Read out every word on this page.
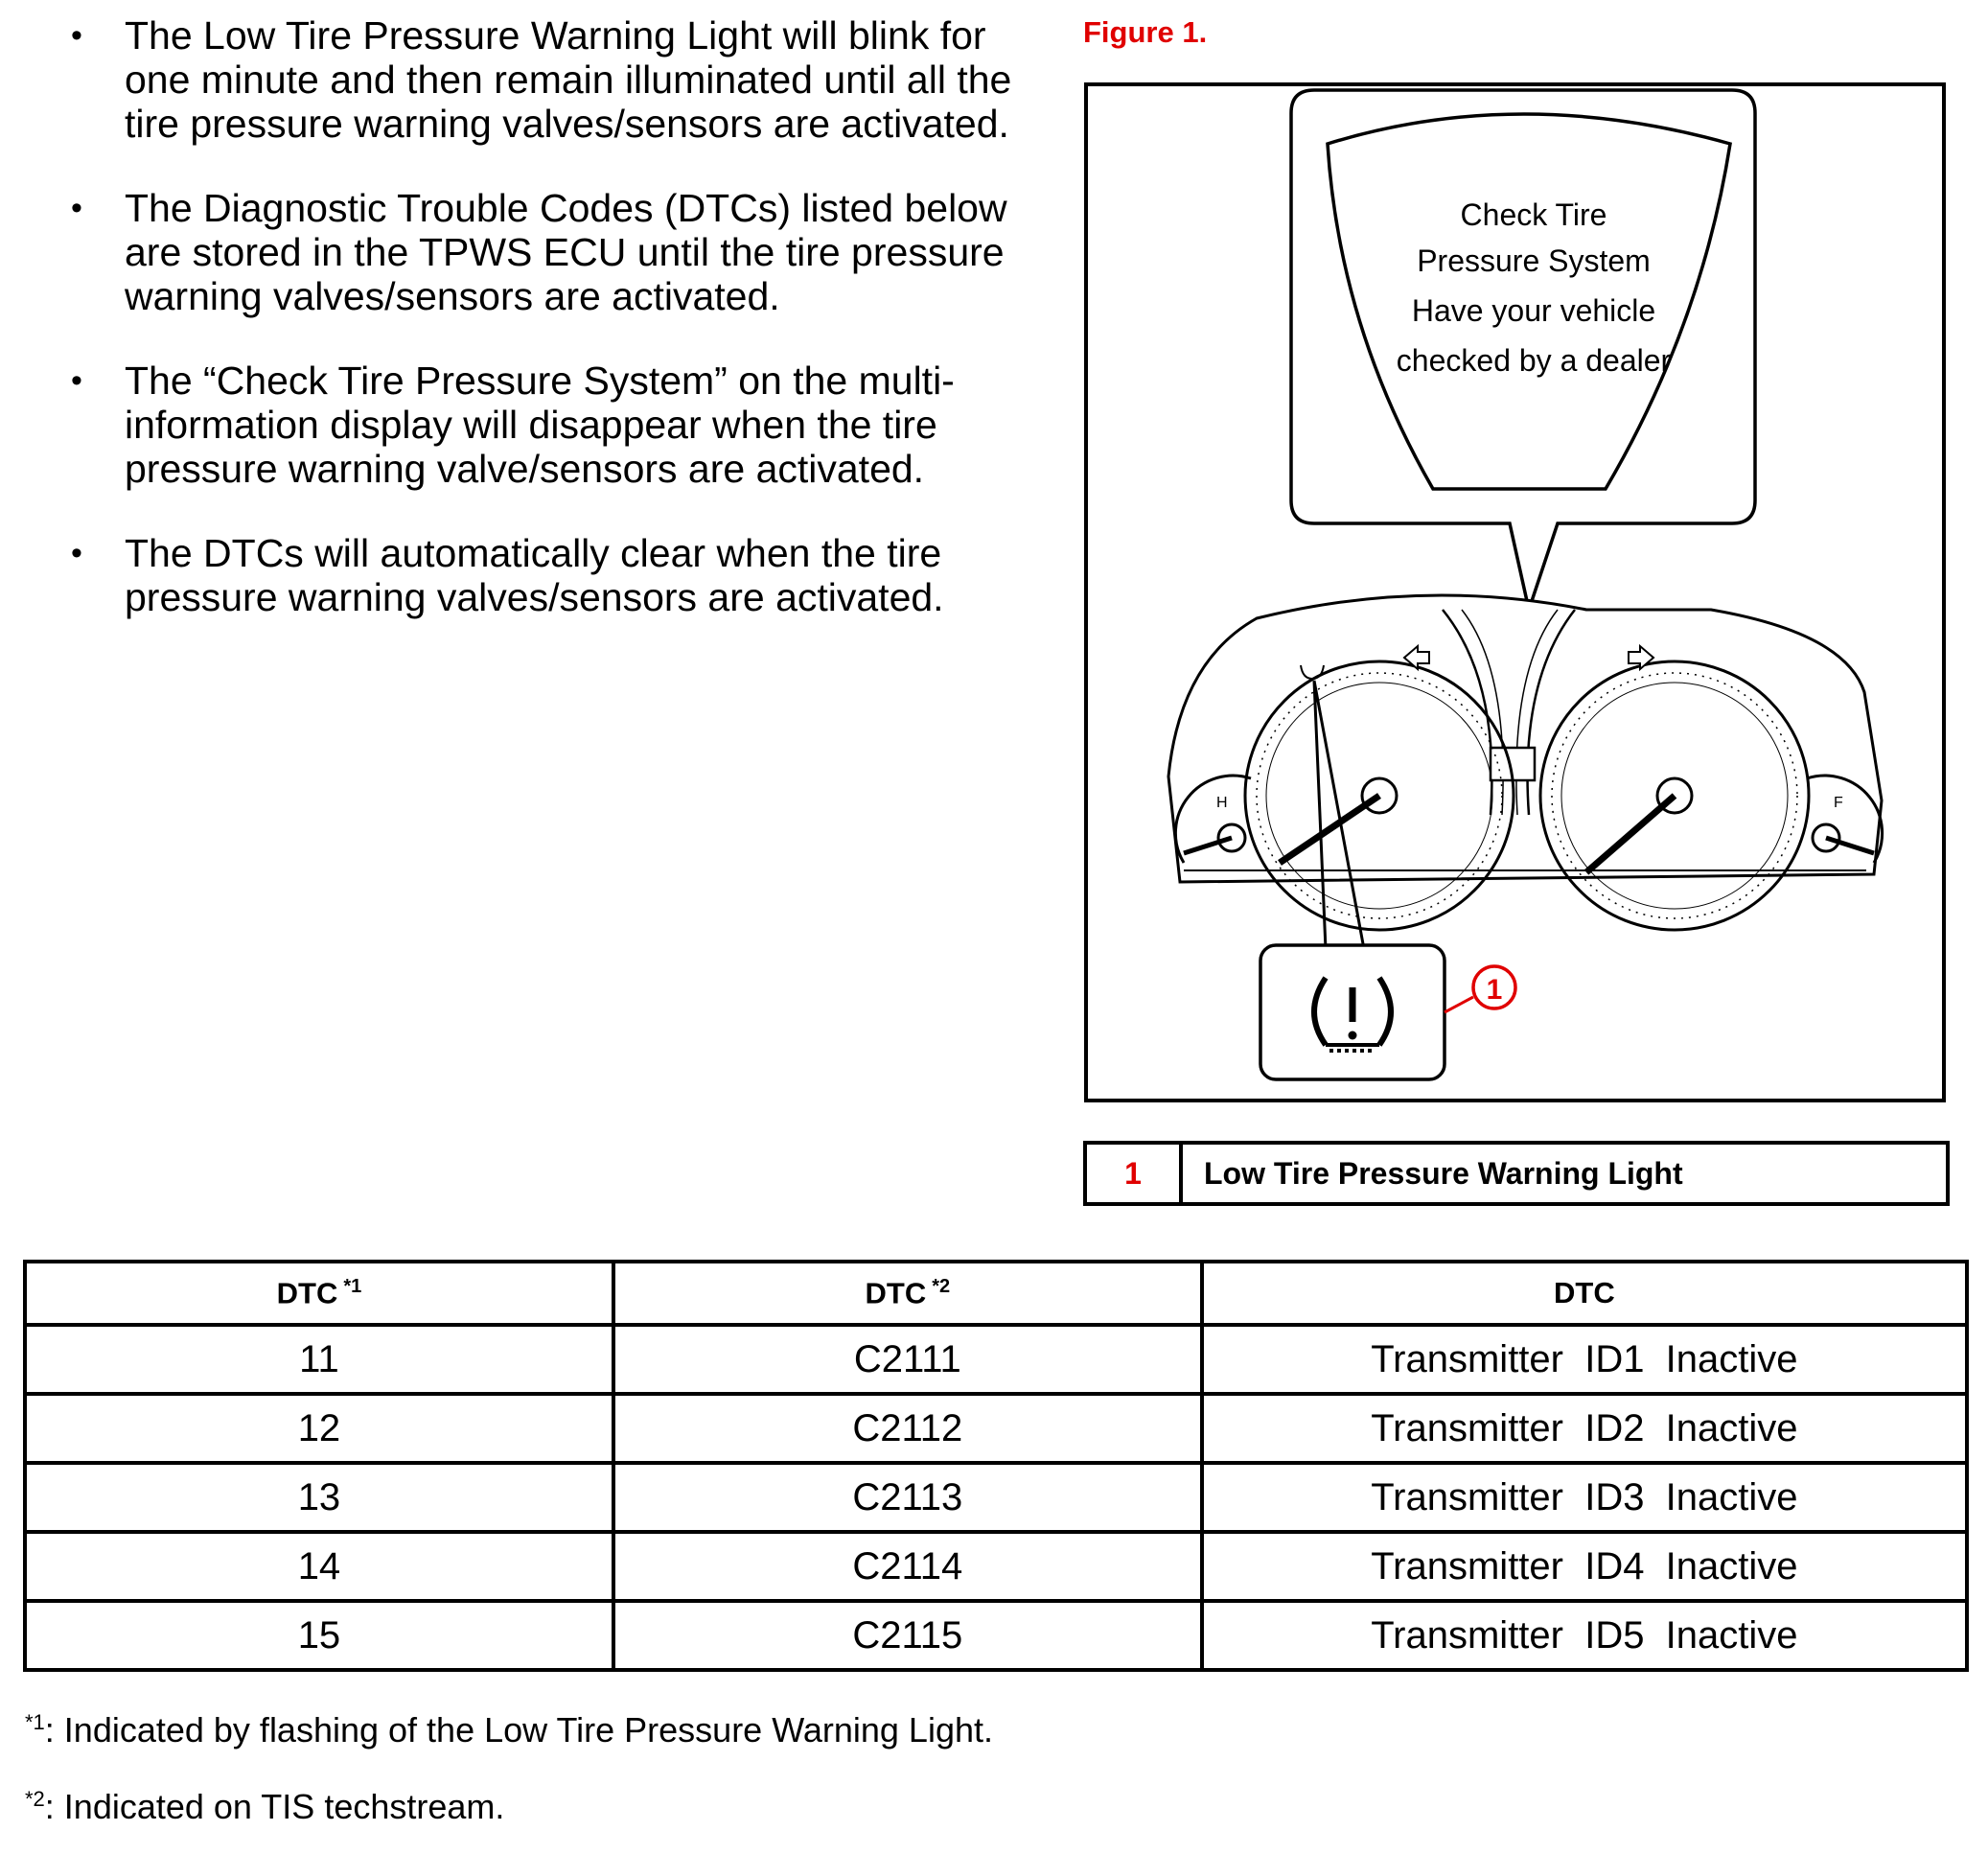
• The Low Tire Pressure Warning Light will blink for one minute and then remain illuminated until all the tire pressure warning valves/sensors are activated.
• The Diagnostic Trouble Codes (DTCs) listed below are stored in the TPWS ECU until the tire pressure warning valves/sensors are activated.
• The “Check Tire Pressure System” on the multi-information display will disappear when the tire pressure warning valve/sensors are activated.
• The DTCs will automatically clear when the tire pressure warning valves/sensors are activated.
Figure 1.
H	F
1
Check Tire
Pressure System
Have your vehicle
checked by a dealer
1	Low Tire Pressure Warning Light
DTC $^{*1}$	DTC $^{*2}$	DTC
11	C2111	Transmitter  ID1  Inactive
12	C2112	Transmitter  ID2  Inactive
13	C2113	Transmitter  ID3  Inactive
14	C2114	Transmitter  ID4  Inactive
15	C2115	Transmitter  ID5  Inactive
$^{*1}$: Indicated by flashing of the Low Tire Pressure Warning Light.
$^{*2}$: Indicated on TIS techstream.
